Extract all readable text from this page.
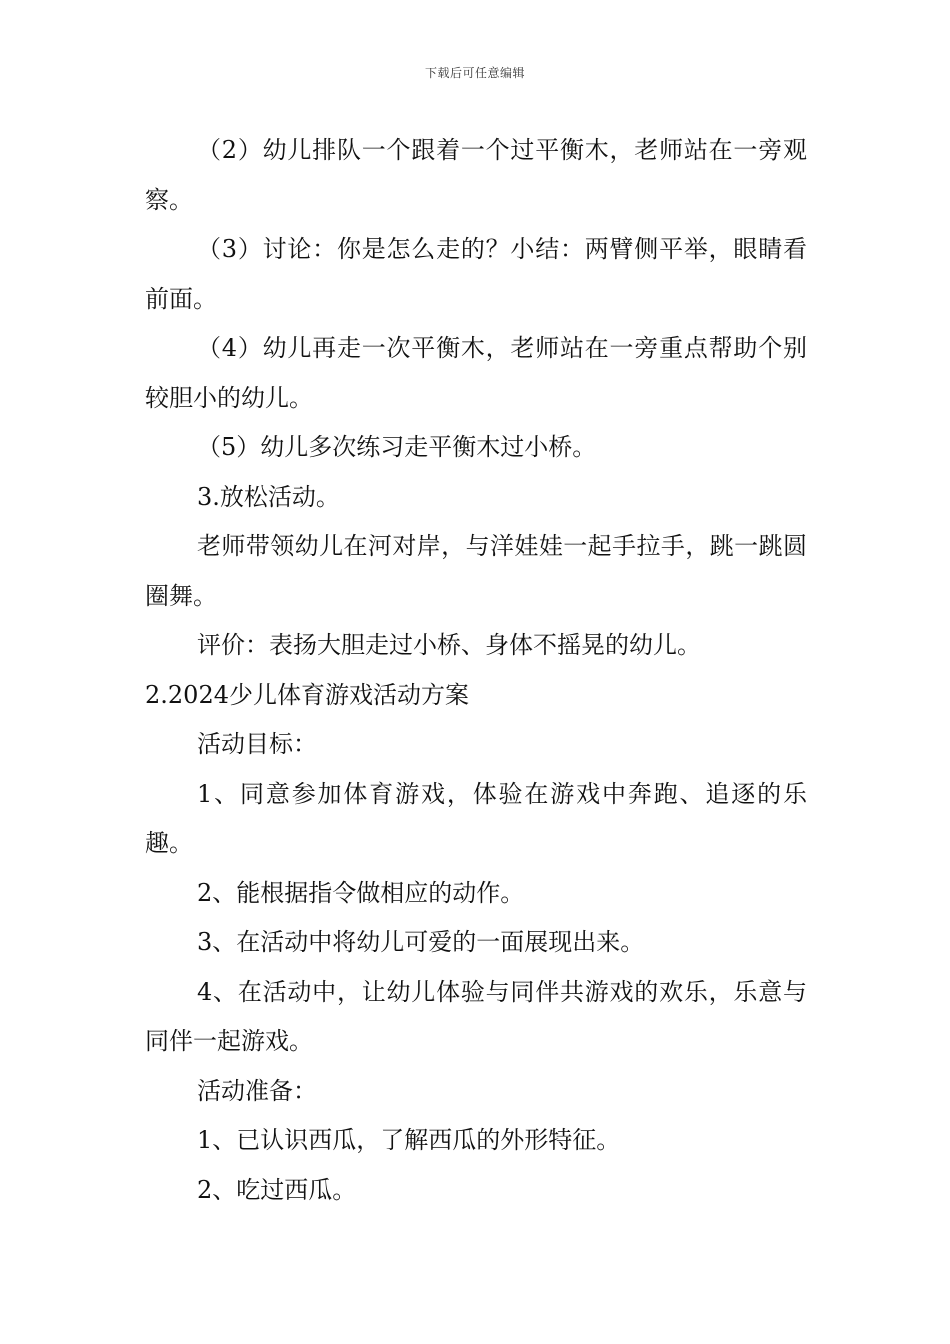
下载后可任意编辑

（2）幼儿排队一个跟着一个过平衡木，老师站在一旁观察。

（3）讨论：你是怎么走的？小结：两臂侧平举，眼睛看前面。

（4）幼儿再走一次平衡木，老师站在一旁重点帮助个别较胆小的幼儿。

（5）幼儿多次练习走平衡木过小桥。

3.放松活动。

老师带领幼儿在河对岸，与洋娃娃一起手拉手，跳一跳圆圈舞。

评价：表扬大胆走过小桥、身体不摇晃的幼儿。

2.2024少儿体育游戏活动方案

活动目标：

1、同意参加体育游戏，体验在游戏中奔跑、追逐的乐趣。

2、能根据指令做相应的动作。

3、在活动中将幼儿可爱的一面展现出来。

4、在活动中，让幼儿体验与同伴共游戏的欢乐，乐意与同伴一起游戏。

活动准备：

1、已认识西瓜，了解西瓜的外形特征。

2、吃过西瓜。
